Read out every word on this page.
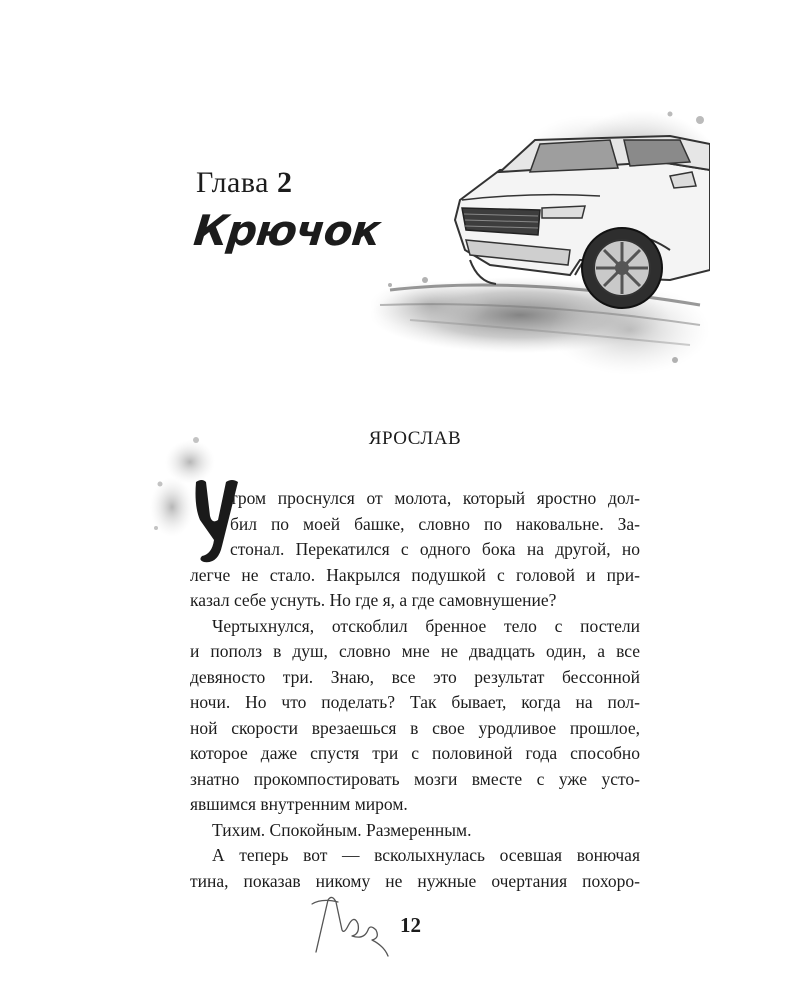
Глава 2
Крючок
ЯРОСЛАВ
тром проснулся от молота, который яростно дол-
бил по моей башке, словно по наковальне. За-
стонал. Перекатился с одного бока на другой, но
легче не стало. Накрылся подушкой с головой и при-
казал себе уснуть. Но где я, а где самовнушение?
Чертыхнулся, отскоблил бренное тело с постели
и пополз в душ, словно мне не двадцать один, а все
девяносто три. Знаю, все это результат бессонной
ночи. Но что поделать? Так бывает, когда на пол-
ной скорости врезаешься в свое уродливое прошлое,
которое даже спустя три с половиной года способно
знатно прокомпостировать мозги вместе с уже усто-
явшимся внутренним миром.
Тихим. Спокойным. Размеренным.
А теперь вот — всколыхнулась осевшая вонючая
тина, показав никому не нужные очертания похоро-
12
